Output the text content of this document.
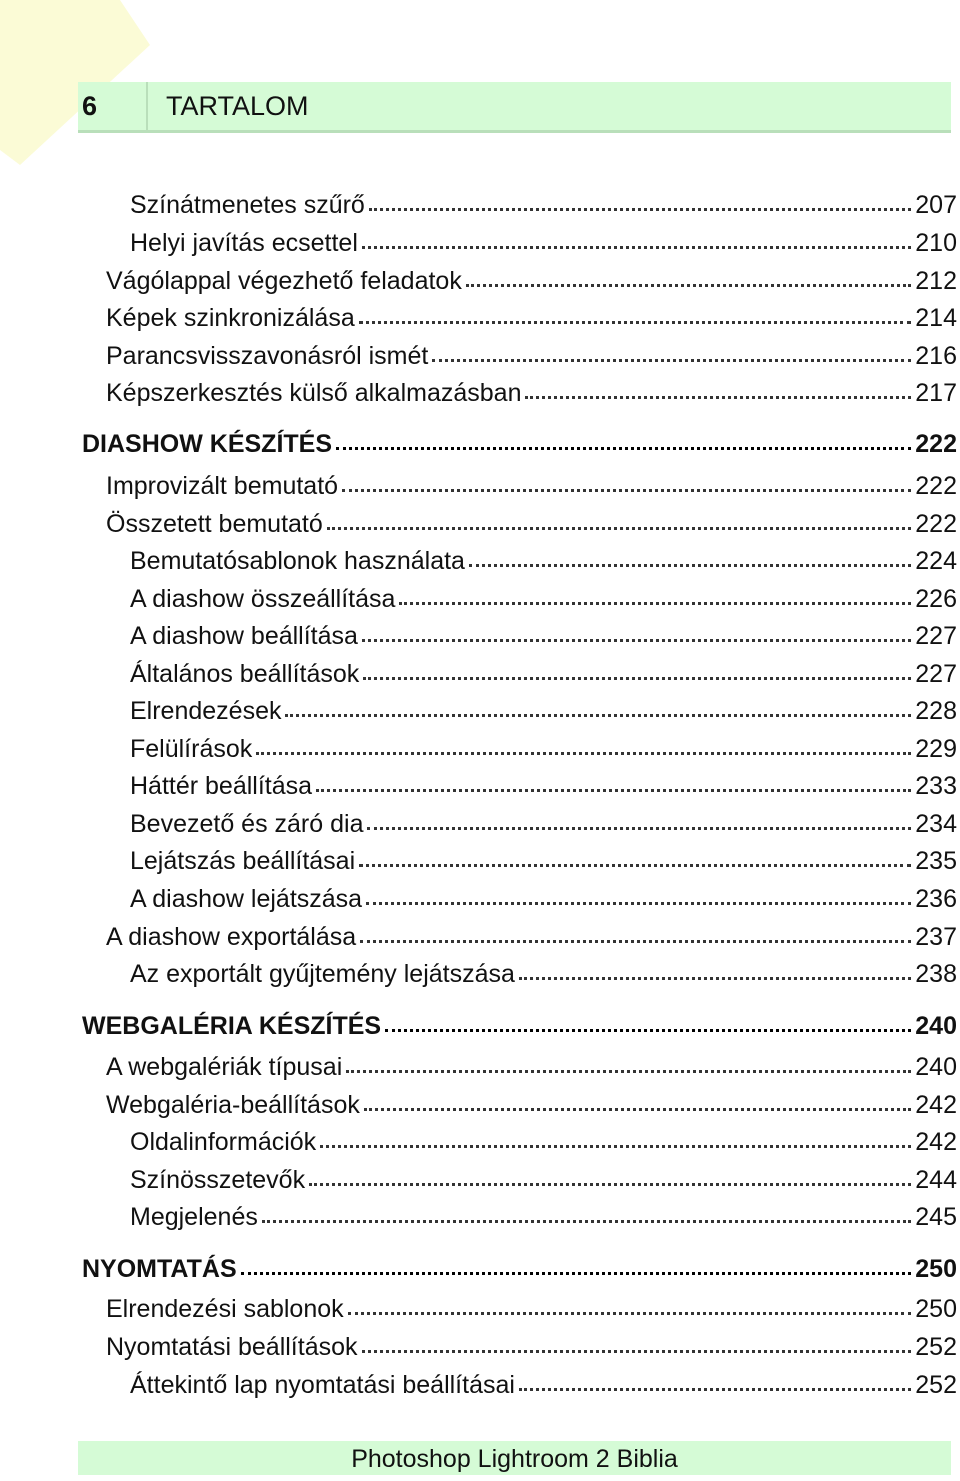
6	TARTALOM
Színátmenetes szűrő	207
Helyi javítás ecsettel	210
Vágólappal végezhető feladatok	212
Képek szinkronizálása	214
Parancsvisszavonásról ismét	216
Képszerkesztés külső alkalmazásban	217
DIASHOW KÉSZÍTÉS	222
Improvizált bemutató	222
Összetett bemutató	222
Bemutatósablonok használata	224
A diashow összeállítása	226
A diashow beállítása	227
Általános beállítások	227
Elrendezések	228
Felülírások	229
Háttér beállítása	233
Bevezető és záró dia	234
Lejátszás beállításai	235
A diashow lejátszása	236
A diashow exportálása	237
Az exportált gyűjtemény lejátszása	238
WEBGALÉRIA KÉSZÍTÉS	240
A webgalériák típusai	240
Webgaléria-beállítások	242
Oldalinformációk	242
Színösszetevők	244
Megjelenés	245
NYOMTATÁS	250
Elrendezési sablonok	250
Nyomtatási beállítások	252
Áttekintő lap nyomtatási beállításai	252
Photoshop Lightroom 2 Biblia
